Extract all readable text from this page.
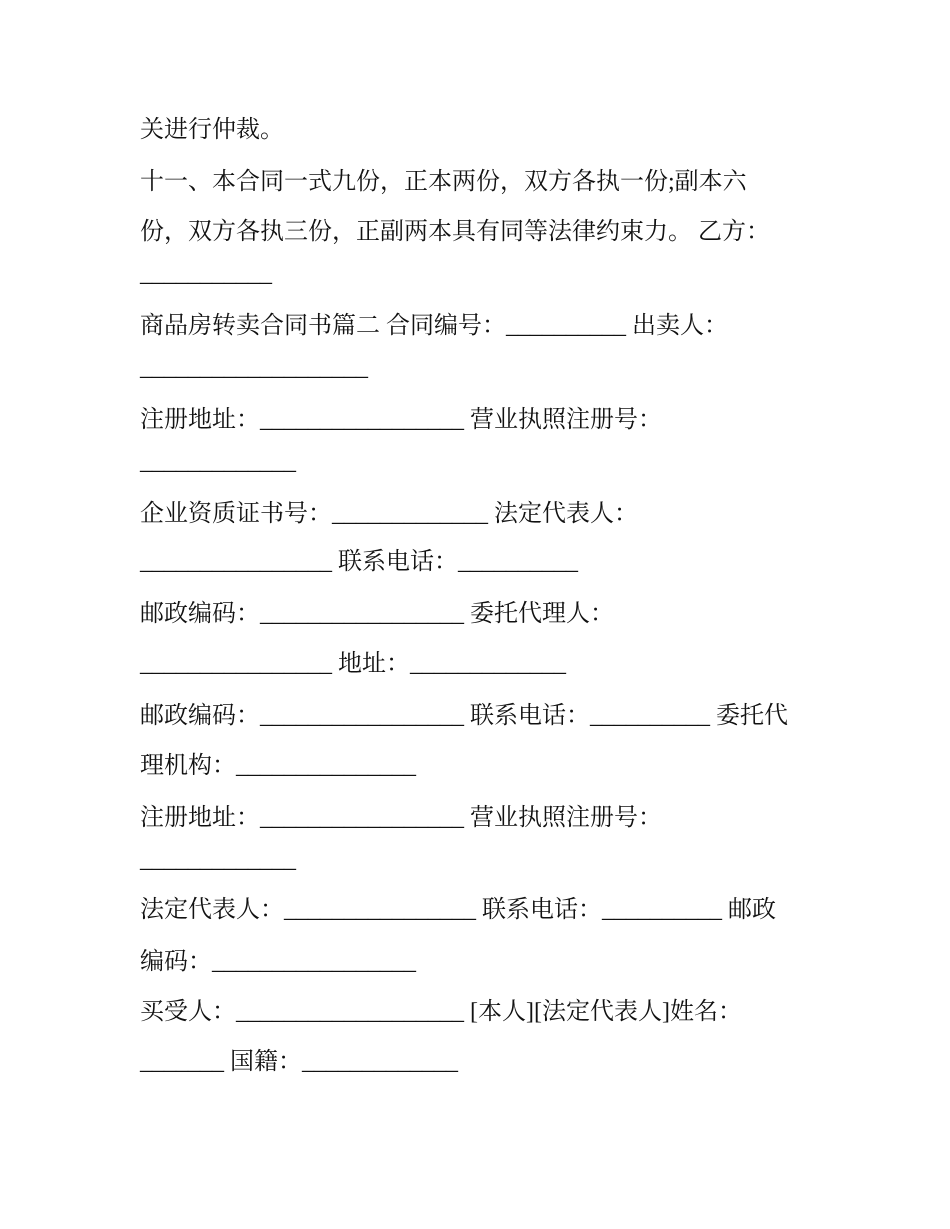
关进行仲裁。
十一、本合同一式九份，正本两份，双方各执一份;副本六
份，双方各执三份，正副两本具有同等法律约束力。 乙方：
___________
商品房转卖合同书篇二 合同编号：__________ 出卖人：
___________________
注册地址：_________________ 营业执照注册号：
_____________
企业资质证书号：_____________ 法定代表人：
________________ 联系电话：__________
邮政编码：_________________ 委托代理人：
________________ 地址：_____________
邮政编码：_________________ 联系电话：__________ 委托代
理机构：_______________
注册地址：_________________ 营业执照注册号：
_____________
法定代表人：________________ 联系电话：__________ 邮政
编码：_________________
买受人：___________________ [本人][法定代表人]姓名：
_______ 国籍：_____________
